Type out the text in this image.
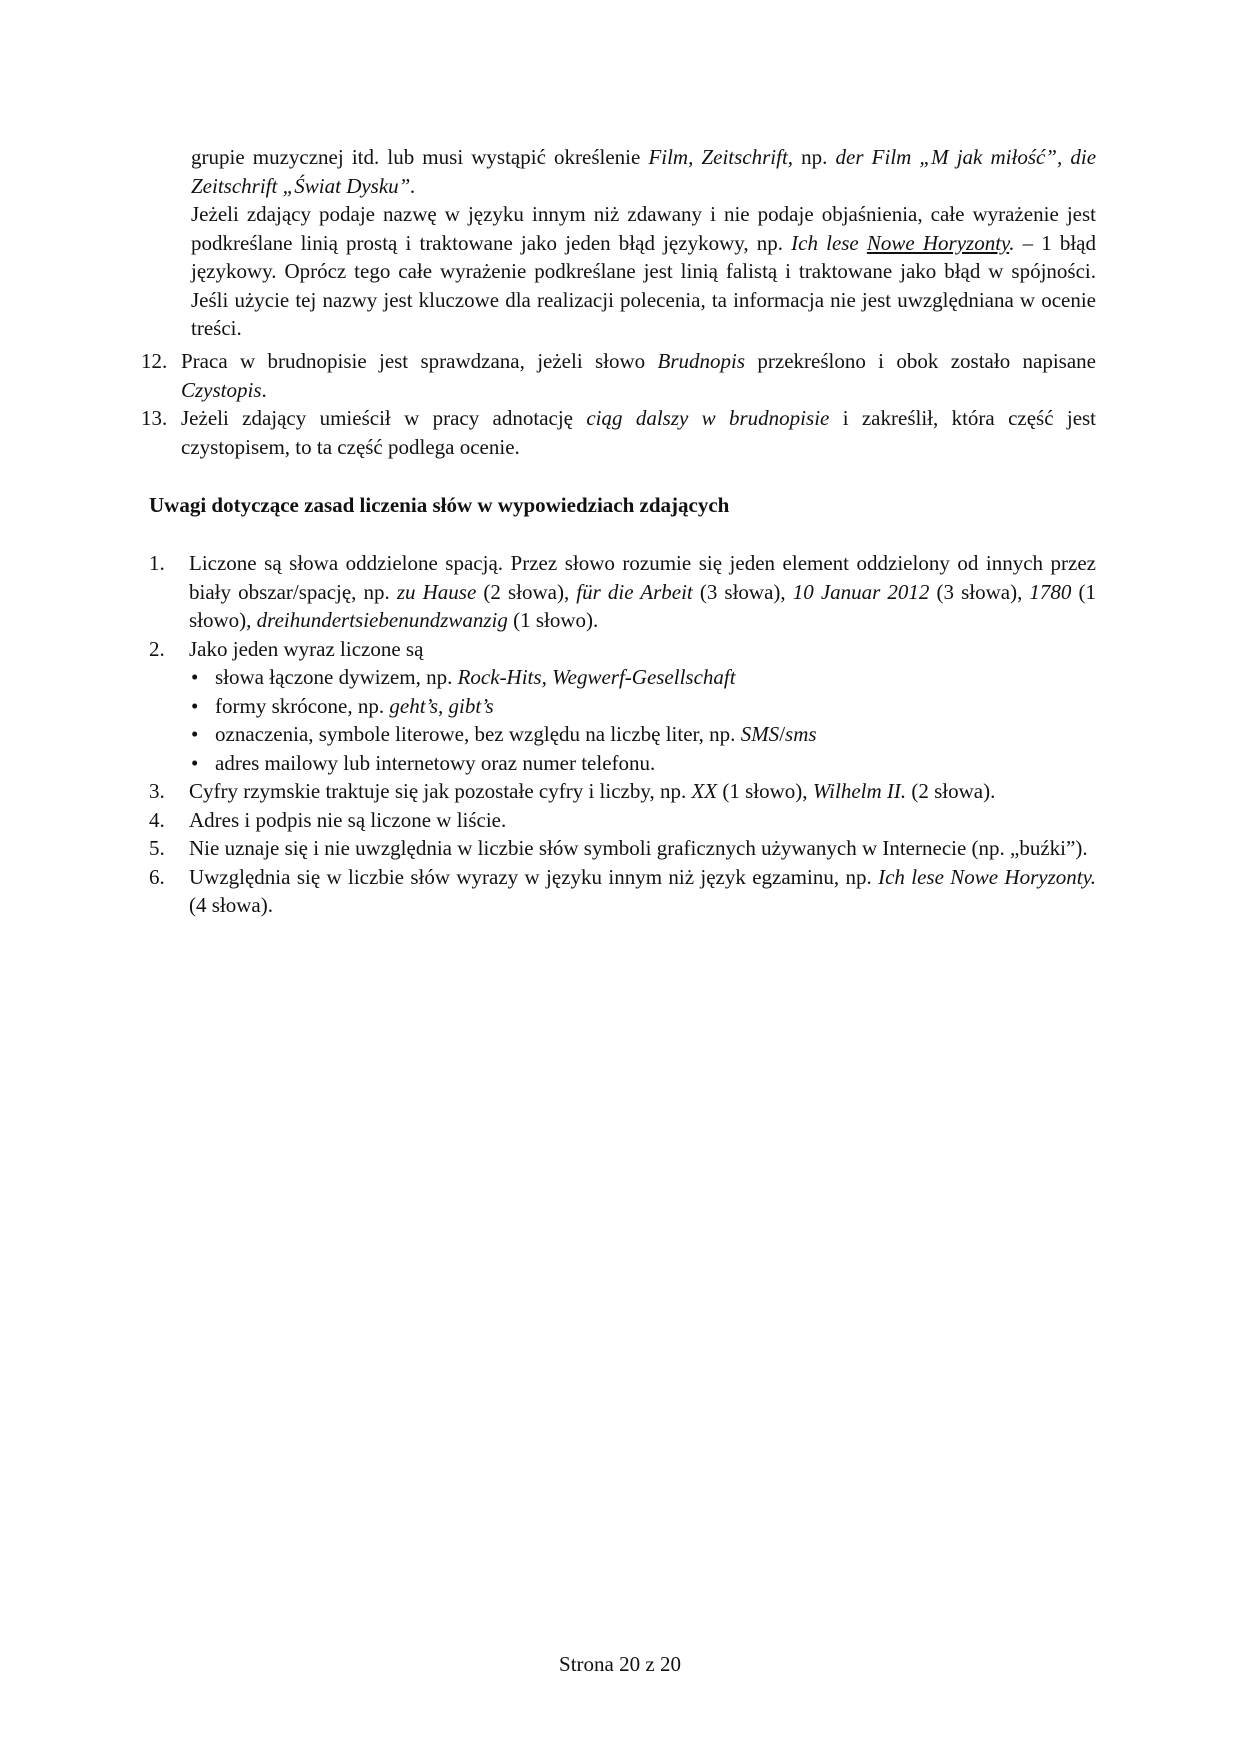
grupie muzycznej itd. lub musi wystąpić określenie Film, Zeitschrift, np. der Film „M jak miłość”, die Zeitschrift „Świat Dysku”.

Jeżeli zdający podaje nazwę w języku innym niż zdawany i nie podaje objaśnienia, całe wyrażenie jest podkreślane linią prostą i traktowane jako jeden błąd językowy, np. Ich lese Nowe Horyzonty. – 1 błąd językowy. Oprócz tego całe wyrażenie podkreślane jest linią falistą i traktowane jako błąd w spójności. Jeśli użycie tej nazwy jest kluczowe dla realizacji polecenia, ta informacja nie jest uwzględniana w ocenie treści.

12. Praca w brudnopisie jest sprawdzana, jeżeli słowo Brudnopis przekreślono i obok zostało napisane Czystopis.
13. Jeżeli zdający umieścił w pracy adnotację ciąg dalszy w brudnopisie i zakreślił, która część jest czystopisem, to ta część podlega ocenie.

Uwagi dotyczące zasad liczenia słów w wypowiedziach zdających

1. Liczone są słowa oddzielone spacją. Przez słowo rozumie się jeden element oddzielony od innych przez biały obszar/spację, np. zu Hause (2 słowa), für die Arbeit (3 słowa), 10 Januar 2012 (3 słowa), 1780 (1 słowo), dreihundertsiebenundzwanzig (1 słowo).
2. Jako jeden wyraz liczone są
• słowa łączone dywizem, np. Rock-Hits, Wegwerf-Gesellschaft
• formy skrócone, np. geht’s, gibt’s
• oznaczenia, symbole literowe, bez względu na liczbę liter, np. SMS/sms
• adres mailowy lub internetowy oraz numer telefonu.
3. Cyfry rzymskie traktuje się jak pozostałe cyfry i liczby, np. XX (1 słowo), Wilhelm II. (2 słowa).
4. Adres i podpis nie są liczone w liście.
5. Nie uznaje się i nie uwzględnia w liczbie słów symboli graficznych używanych w Internecie (np. „buźki”).
6. Uwzględnia się w liczbie słów wyrazy w języku innym niż język egzaminu, np. Ich lese Nowe Horyzonty. (4 słowa).
Strona 20 z 20
